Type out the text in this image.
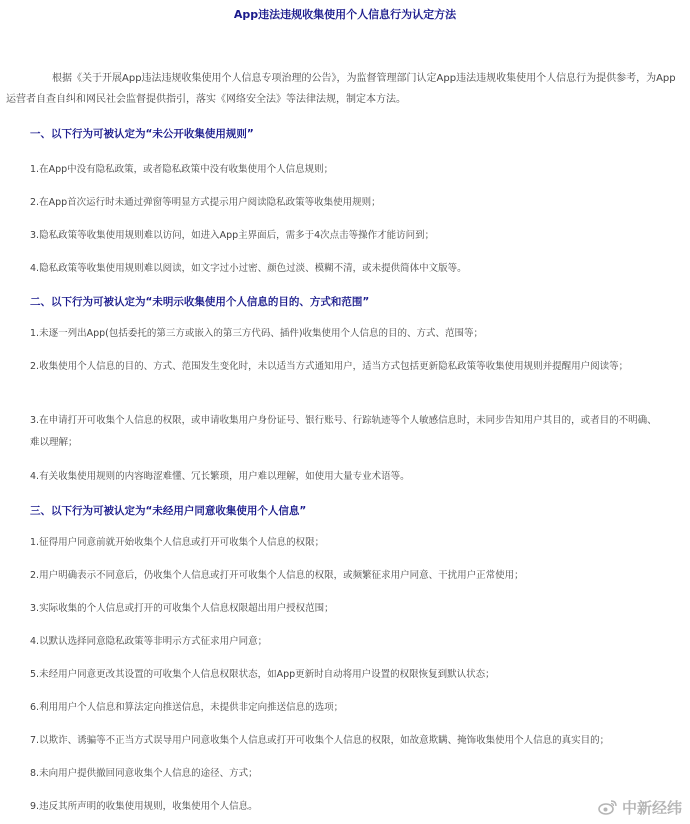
App违法违规收集使用个人信息行为认定方法
根据《关于开展App违法违规收集使用个人信息专项治理的公告》，为监督管理部门认定App违法违规收集使用个人信息行为提供参考，为App运营者自查自纠和网民社会监督提供指引，落实《网络安全法》等法律法规，制定本方法。
一、以下行为可被认定为“未公开收集使用规则”
1.在App中没有隐私政策，或者隐私政策中没有收集使用个人信息规则；
2.在App首次运行时未通过弹窗等明显方式提示用户阅读隐私政策等收集使用规则；
3.隐私政策等收集使用规则难以访问，如进入App主界面后，需多于4次点击等操作才能访问到；
4.隐私政策等收集使用规则难以阅读，如文字过小过密、颜色过淡、模糊不清，或未提供简体中文版等。
二、以下行为可被认定为“未明示收集使用个人信息的目的、方式和范围”
1.未逐一列出App(包括委托的第三方或嵌入的第三方代码、插件)收集使用个人信息的目的、方式、范围等；
2.收集使用个人信息的目的、方式、范围发生变化时，未以适当方式通知用户，适当方式包括更新隐私政策等收集使用规则并提醒用户阅读等；
3.在申请打开可收集个人信息的权限，或申请收集用户身份证号、银行账号、行踪轨迹等个人敏感信息时，未同步告知用户其目的，或者目的不明确、难以理解；
4.有关收集使用规则的内容晦涩难懂、冗长繁琐，用户难以理解，如使用大量专业术语等。
三、以下行为可被认定为“未经用户同意收集使用个人信息”
1.征得用户同意前就开始收集个人信息或打开可收集个人信息的权限；
2.用户明确表示不同意后，仍收集个人信息或打开可收集个人信息的权限，或频繁征求用户同意、干扰用户正常使用；
3.实际收集的个人信息或打开的可收集个人信息权限超出用户授权范围；
4.以默认选择同意隐私政策等非明示方式征求用户同意；
5.未经用户同意更改其设置的可收集个人信息权限状态，如App更新时自动将用户设置的权限恢复到默认状态；
6.利用用户个人信息和算法定向推送信息，未提供非定向推送信息的选项；
7.以欺诈、诱骗等不正当方式误导用户同意收集个人信息或打开可收集个人信息的权限，如故意欺瞒、掩饰收集使用个人信息的真实目的；
8.未向用户提供撤回同意收集个人信息的途径、方式；
9.违反其所声明的收集使用规则，收集使用个人信息。	中新经纬
